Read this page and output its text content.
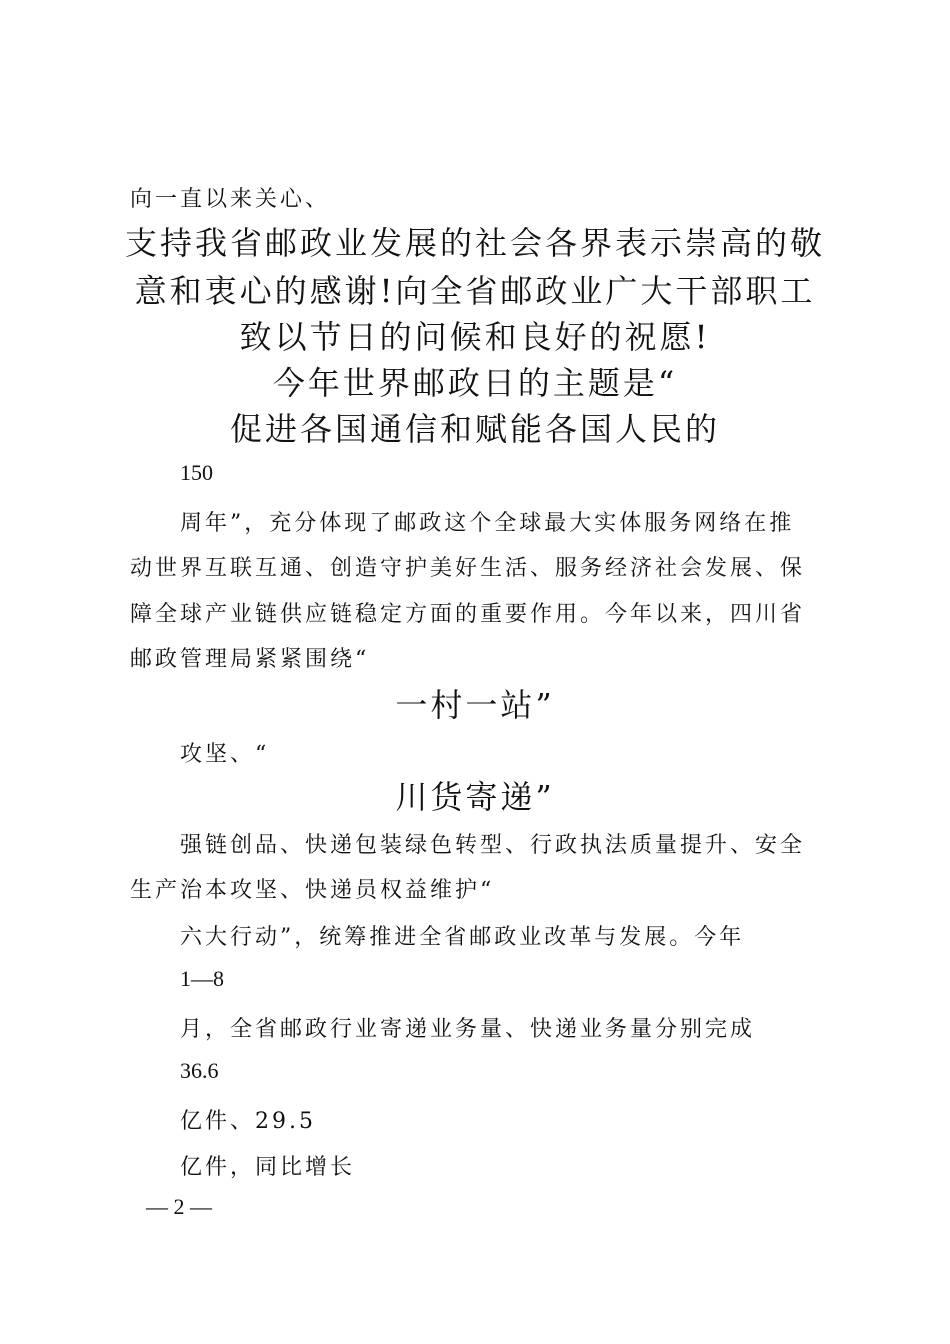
向一直以来关心、
支持我省邮政业发展的社会各界表示崇高的敬
意和衷心的感谢!向全省邮政业广大干部职工
致以节日的问候和良好的祝愿!
今年世界邮政日的主题是“
促进各国通信和赋能各国人民的
150
周年”，充分体现了邮政这个全球最大实体服务网络在推
动世界互联互通、创造守护美好生活、服务经济社会发展、保
障全球产业链供应链稳定方面的重要作用。今年以来，四川省
邮政管理局紧紧围绕“
一村一站”
攻坚、“
川货寄递”
强链创品、快递包装绿色转型、行政执法质量提升、安全
生产治本攻坚、快递员权益维护“
六大行动”，统筹推进全省邮政业改革与发展。今年
1—8
月，全省邮政行业寄递业务量、快递业务量分别完成
36.6
亿件、29.5
亿件，同比增长
— 2 —
